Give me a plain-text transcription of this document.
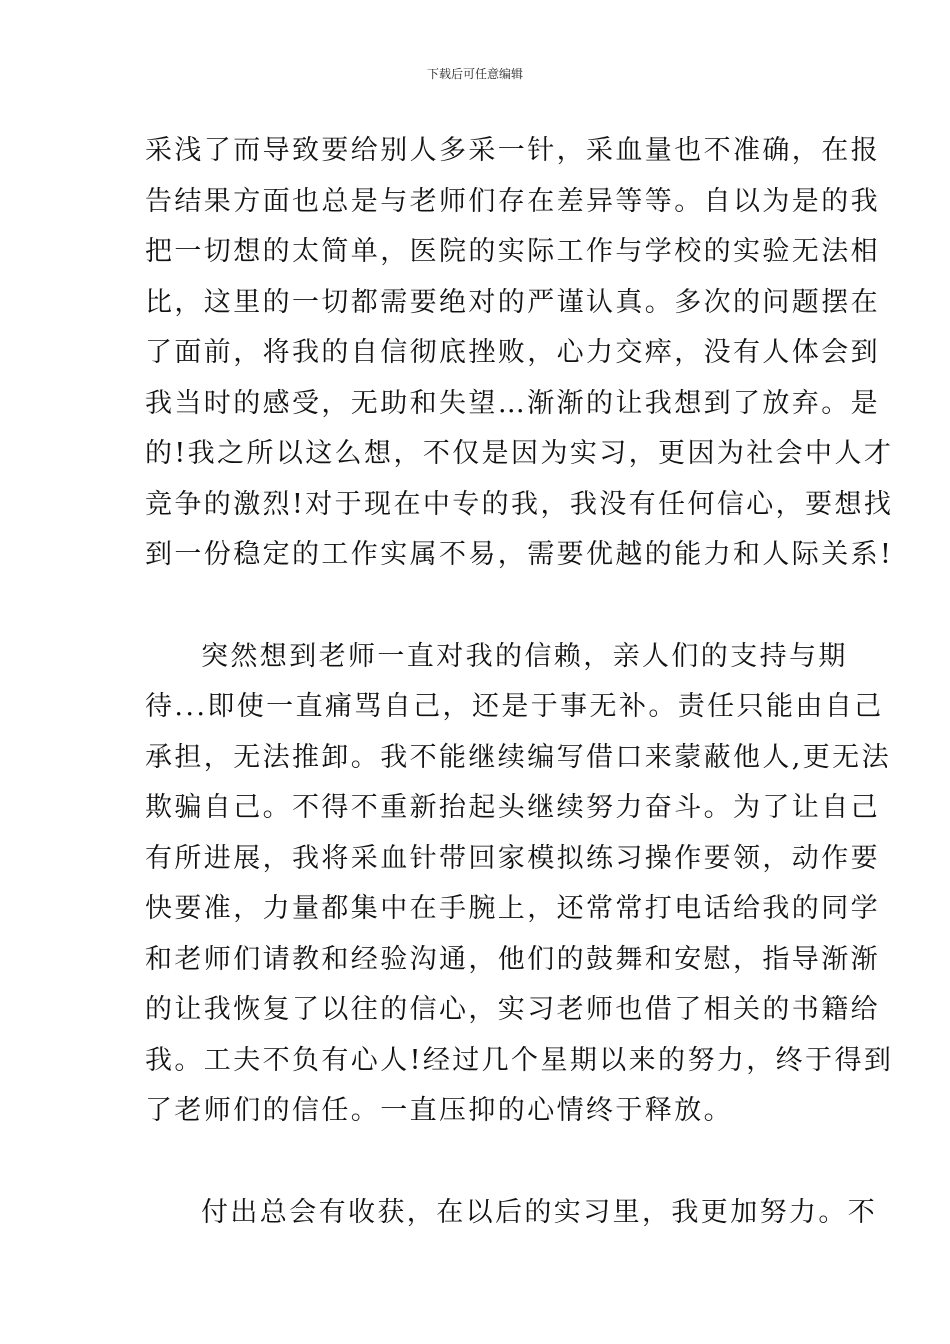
下载后可任意编辑
采浅了而导致要给别人多采一针，采血量也不准确，在报
告结果方面也总是与老师们存在差异等等。自以为是的我
把一切想的太简单，医院的实际工作与学校的实验无法相
比，这里的一切都需要绝对的严谨认真。多次的问题摆在
了面前，将我的自信彻底挫败，心力交瘁，没有人体会到
我当时的感受，无助和失望…渐渐的让我想到了放弃。是
的!我之所以这么想，不仅是因为实习，更因为社会中人才
竞争的激烈!对于现在中专的我，我没有任何信心，要想找
到一份稳定的工作实属不易，需要优越的能力和人际关系!
突然想到老师一直对我的信赖，亲人们的支持与期
待...即使一直痛骂自己，还是于事无补。责任只能由自己
承担，无法推卸。我不能继续编写借口来蒙蔽他人,更无法
欺骗自己。不得不重新抬起头继续努力奋斗。为了让自己
有所进展，我将采血针带回家模拟练习操作要领，动作要
快要准，力量都集中在手腕上，还常常打电话给我的同学
和老师们请教和经验沟通，他们的鼓舞和安慰，指导渐渐
的让我恢复了以往的信心，实习老师也借了相关的书籍给
我。工夫不负有心人!经过几个星期以来的努力，终于得到
了老师们的信任。一直压抑的心情终于释放。
付出总会有收获，在以后的实习里，我更加努力。不
